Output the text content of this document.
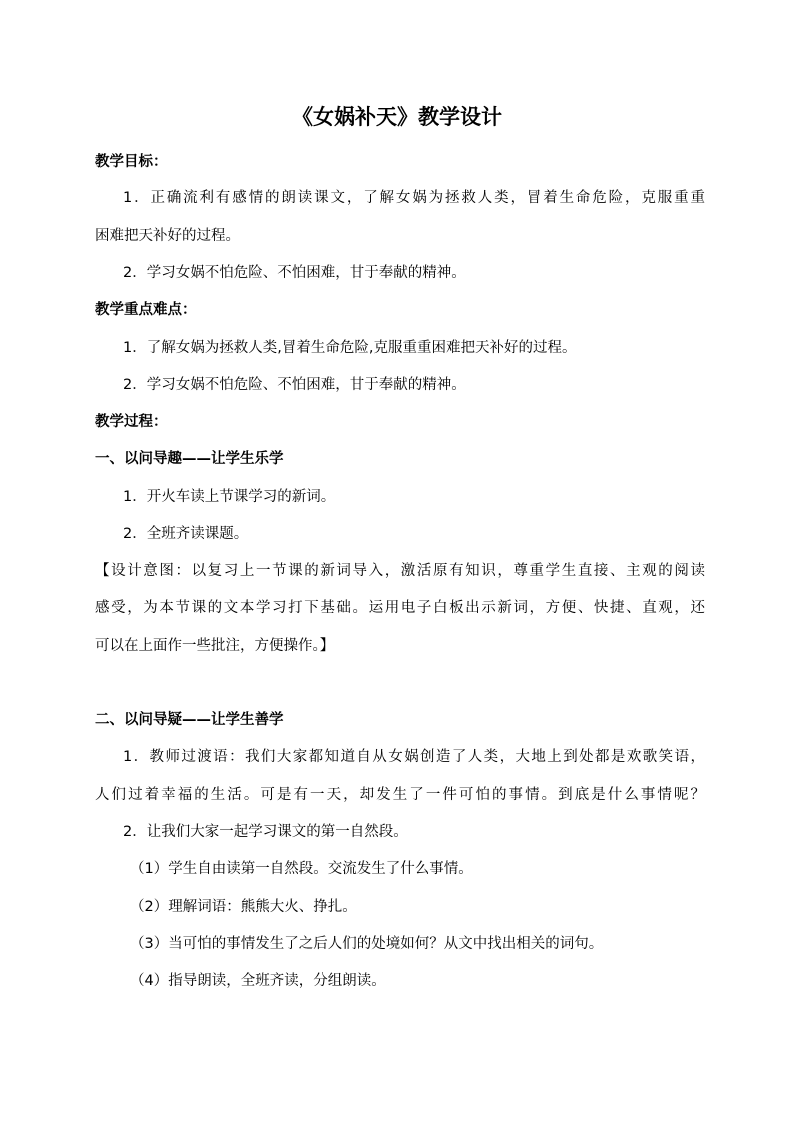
《女娲补天》教学设计
教学目标：
1．正确流利有感情的朗读课文，了解女娲为拯救人类，冒着生命危险，克服重重
困难把天补好的过程。
2．学习女娲不怕危险、不怕困难，甘于奉献的精神。
教学重点难点：
1．了解女娲为拯救人类,冒着生命危险,克服重重困难把天补好的过程。
2．学习女娲不怕危险、不怕困难，甘于奉献的精神。
教学过程：
一、以问导趣——让学生乐学
1．开火车读上节课学习的新词。
2．全班齐读课题。
【设计意图：以复习上一节课的新词导入，激活原有知识，尊重学生直接、主观的阅读
感受，为本节课的文本学习打下基础。运用电子白板出示新词，方便、快捷、直观，还
可以在上面作一些批注，方便操作。】
二、以问导疑——让学生善学
1．教师过渡语：我们大家都知道自从女娲创造了人类，大地上到处都是欢歌笑语，
人们过着幸福的生活。可是有一天，却发生了一件可怕的事情。到底是什么事情呢？
2．让我们大家一起学习课文的第一自然段。
（1）学生自由读第一自然段。交流发生了什么事情。
（2）理解词语：熊熊大火、挣扎。
（3）当可怕的事情发生了之后人们的处境如何？从文中找出相关的词句。
（4）指导朗读，全班齐读，分组朗读。
